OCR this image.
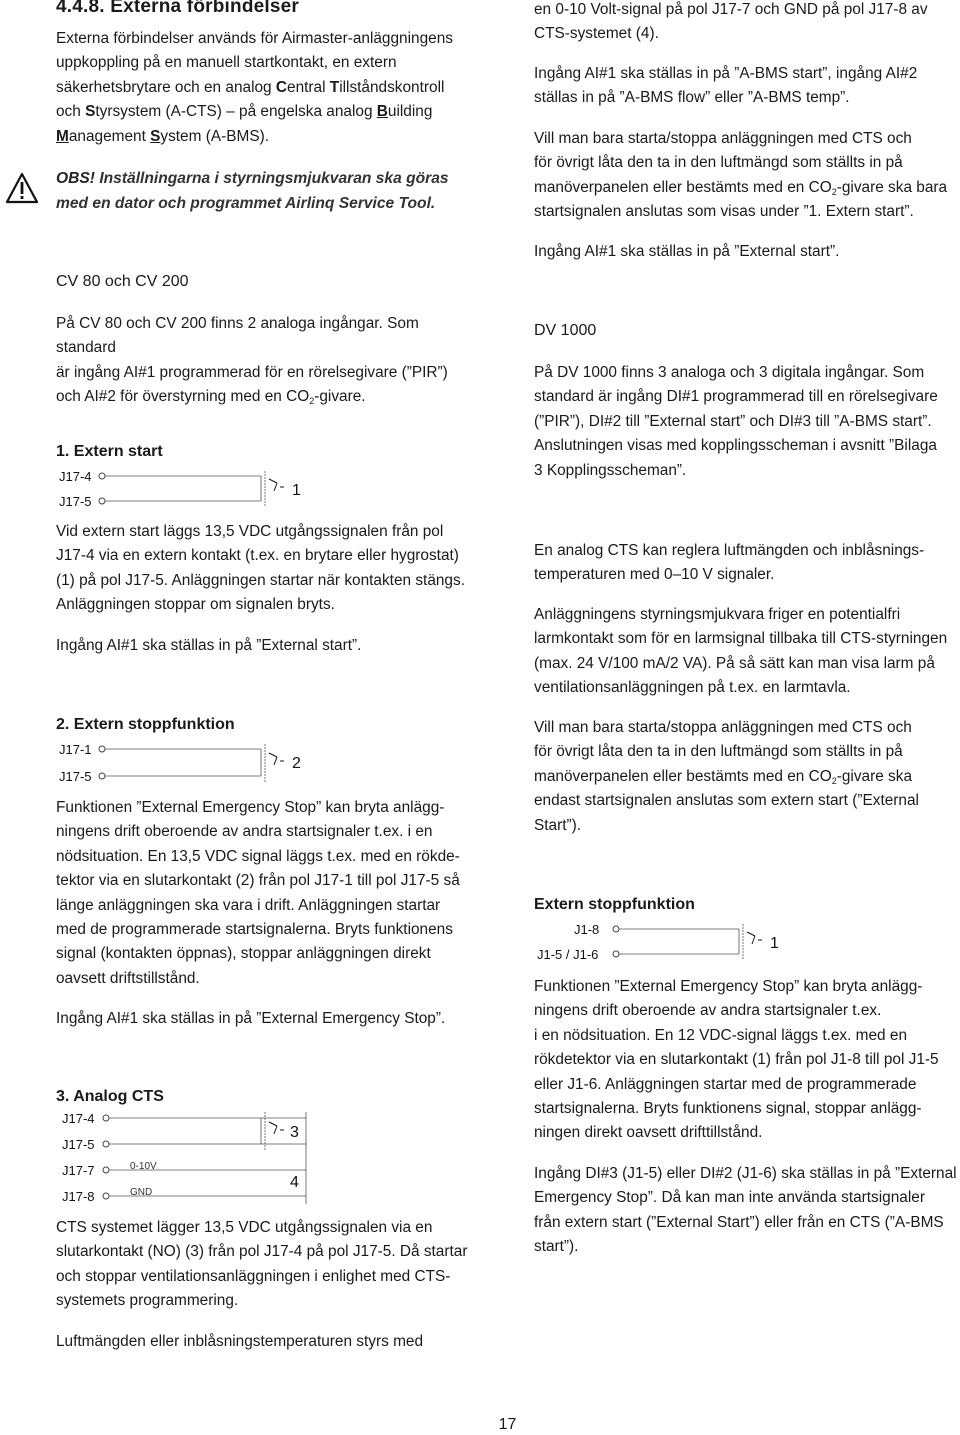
4.4.8. Externa förbindelser
Externa förbindelser används för Airmaster-anläggningens
uppkoppling på en manuell startkontakt, en extern
säkerhetsbrytare och en analog Central Tillståndskontroll
och Styrsystem (A-CTS) – på engelska analog Building
Management System (A-BMS).
OBS! Inställningarna i styrningsmjukvaran ska göras
med en dator och programmet Airlinq Service Tool.
CV 80 och CV 200
På CV 80 och CV 200 finns 2 analoga ingångar. Som standard
är ingång AI#1 programmerad för en rörelsegivare (”PIR”)
och AI#2 för överstyrning med en $CO_2$-givare.
1. Extern start
J17-4
J17-5
1
Vid extern start läggs 13,5 VDC utgångssignalen från pol
J17-4 via en extern kontakt (t.ex. en brytare eller hygrostat)
(1) på pol J17-5. Anläggningen startar när kontakten stängs.
Anläggningen stoppar om signalen bryts.
Ingång AI#1 ska ställas in på ”External start”.
2. Extern stoppfunktion
J17-1
J17-5
2
Funktionen ”External Emergency Stop” kan bryta anlägg-
ningens drift oberoende av andra startsignaler t.ex. i en
nödsituation. En 13,5 VDC signal läggs t.ex. med en rökde-
tektor via en slutarkontakt (2) från pol J17-1 till pol J17-5 så
länge anläggningen ska vara i drift. Anläggningen startar
med de programmerade startsignalerna. Bryts funktionens
signal (kontakten öppnas), stoppar anläggningen direkt
oavsett driftstillstånd.
Ingång AI#1 ska ställas in på ”External Emergency Stop”.
3. Analog CTS
J17-4
J17-5
J17-7
J17-8
0-10V
GND
3
4
CTS systemet lägger 13,5 VDC utgångssignalen via en
slutarkontakt (NO) (3) från pol J17-4 på pol J17-5. Då startar
och stoppar ventilationsanläggningen i enlighet med CTS-
systemets programmering.
Luftmängden eller inblåsningstemperaturen styrs med
en 0-10 Volt-signal på pol J17-7 och GND på pol J17-8 av
CTS-systemet (4).
Ingång AI#1 ska ställas in på ”A-BMS start”, ingång AI#2
ställas in på ”A-BMS flow” eller ”A-BMS temp”.
Vill man bara starta/stoppa anläggningen med CTS och
för övrigt låta den ta in den luftmängd som ställts in på
manöverpanelen eller bestämts med en $CO_2$-givare ska bara
startsignalen anslutas som visas under ”1. Extern start”.
Ingång AI#1 ska ställas in på ”External start”.
DV 1000
På DV 1000 finns 3 analoga och 3 digitala ingångar. Som
standard är ingång DI#1 programmerad till en rörelsegivare
(”PIR”), DI#2 till ”External start” och DI#3 till ”A-BMS start”.
Anslutningen visas med kopplingsscheman i avsnitt ”Bilaga
3 Kopplingsscheman”.
En analog CTS kan reglera luftmängden och inblåsnings-
temperaturen med 0–10 V signaler.
Anläggningens styrningsmjukvara friger en potentialfri
larmkontakt som för en larmsignal tillbaka till CTS-styrningen
(max. 24 V/100 mA/2 VA). På så sätt kan man visa larm på
ventilationsanläggningen på t.ex. en larmtavla.
Vill man bara starta/stoppa anläggningen med CTS och
för övrigt låta den ta in den luftmängd som ställts in på
manöverpanelen eller bestämts med en $CO_2$-givare ska
endast startsignalen anslutas som extern start (”External
Start”).
Extern stoppfunktion
J1-8
J1-5 / J1-6
1
Funktionen ”External Emergency Stop” kan bryta anlägg-
ningens drift oberoende av andra startsignaler t.ex.
i en nödsituation. En 12 VDC-signal läggs t.ex. med en
rökdetektor via en slutarkontakt (1) från pol J1-8 till pol J1-5
eller J1-6. Anläggningen startar med de programmerade
startsignalerna. Bryts funktionens signal, stoppar anlägg-
ningen direkt oavsett drifttillstånd.
Ingång DI#3 (J1-5) eller DI#2 (J1-6) ska ställas in på ”External
Emergency Stop”. Då kan man inte använda startsignaler
från extern start (”External Start”) eller från en CTS (”A-BMS
start”).
17
